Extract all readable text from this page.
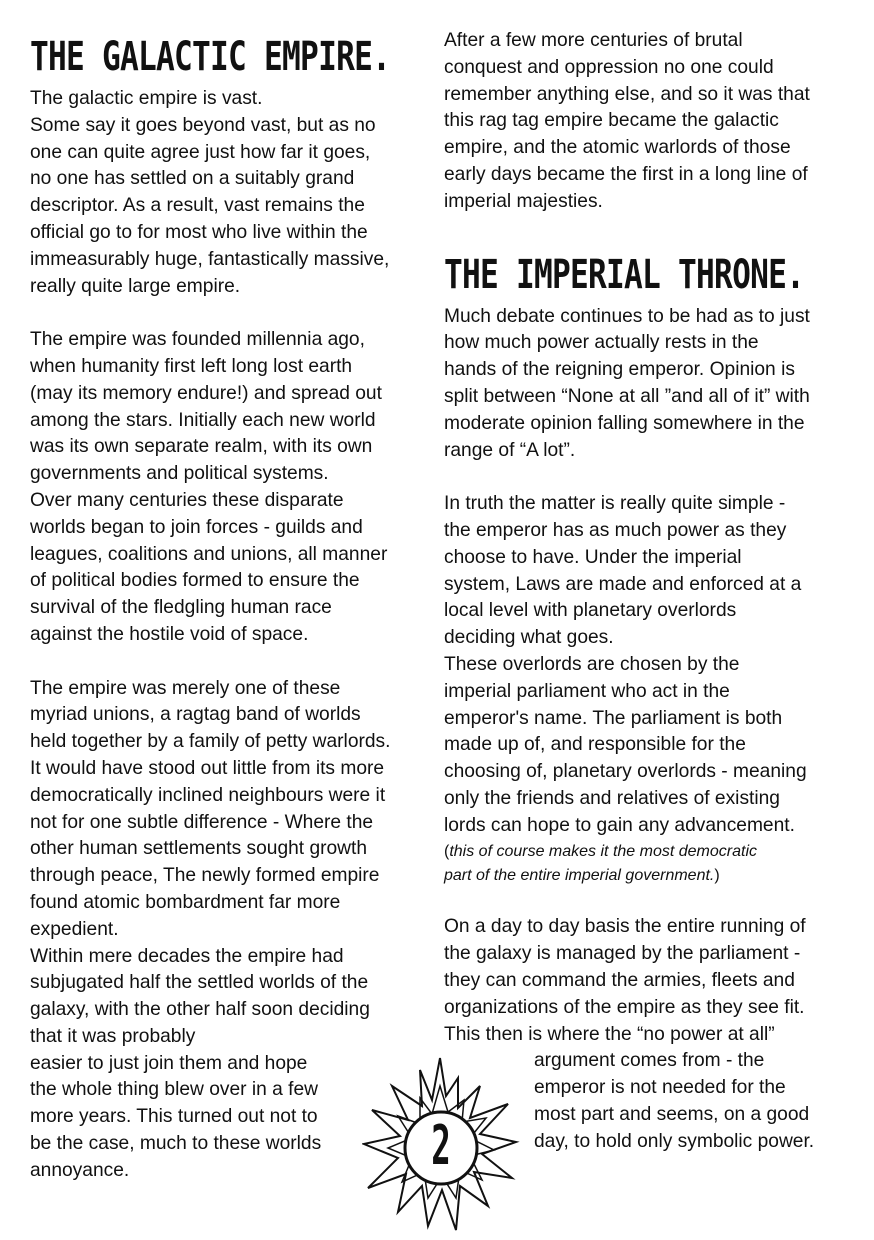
THE GALACTIC EMPIRE.

The galactic empire is vast.
Some say it goes beyond vast, but as no
one can quite agree just how far it goes,
no one has settled on a suitably grand
descriptor. As a result, vast remains the
official go to for most who live within the
immeasurably huge, fantastically massive,
really quite large empire.

The empire was founded millennia ago,
when humanity first left long lost earth
(may its memory endure!) and spread out
among the stars. Initially each new world
was its own separate realm, with its own
governments and political systems.
Over many centuries these disparate
worlds began to join forces - guilds and
leagues, coalitions and unions, all manner
of political bodies formed to ensure the
survival of the fledgling human race
against the hostile void of space.

The empire was merely one of these
myriad unions, a ragtag band of worlds
held together by a family of petty warlords.
It would have stood out little from its more
democratically inclined neighbours were it
not for one subtle difference - Where the
other human settlements sought growth
through peace, The newly formed empire
found atomic bombardment far more
expedient.
Within mere decades the empire had
subjugated half the settled worlds of the
galaxy, with the other half soon deciding
that it was probably
easier to just join them and hope
the whole thing blew over in a few
more years. This turned out not to
be the case, much to these worlds
annoyance.

After a few more centuries of brutal
conquest and oppression no one could
remember anything else, and so it was that
this rag tag empire became the galactic
empire, and the atomic warlords of those
early days became the first in a long line of
imperial majesties.

THE IMPERIAL THRONE.

Much debate continues to be had as to just
how much power actually rests in the
hands of the reigning emperor. Opinion is
split between “None at all ”and all of it” with
moderate opinion falling somewhere in the
range of “A lot”.

In truth the matter is really quite simple -
the emperor has as much power as they
choose to have. Under the imperial
system, Laws are made and enforced at a
local level with planetary overlords
deciding what goes.
These overlords are chosen by the
imperial parliament who act in the
emperor's name. The parliament is both
made up of, and responsible for the
choosing of, planetary overlords - meaning
only the friends and relatives of existing
lords can hope to gain any advancement.

(this of course makes it the most democratic
part of the entire imperial government.)

On a day to day basis the entire running of
the galaxy is managed by the parliament -
they can command the armies, fleets and
organizations of the empire as they see fit.
This then is where the “no power at all”

argument comes from - the
emperor is not needed for the
most part and seems, on a good
day, to hold only symbolic power.

2
